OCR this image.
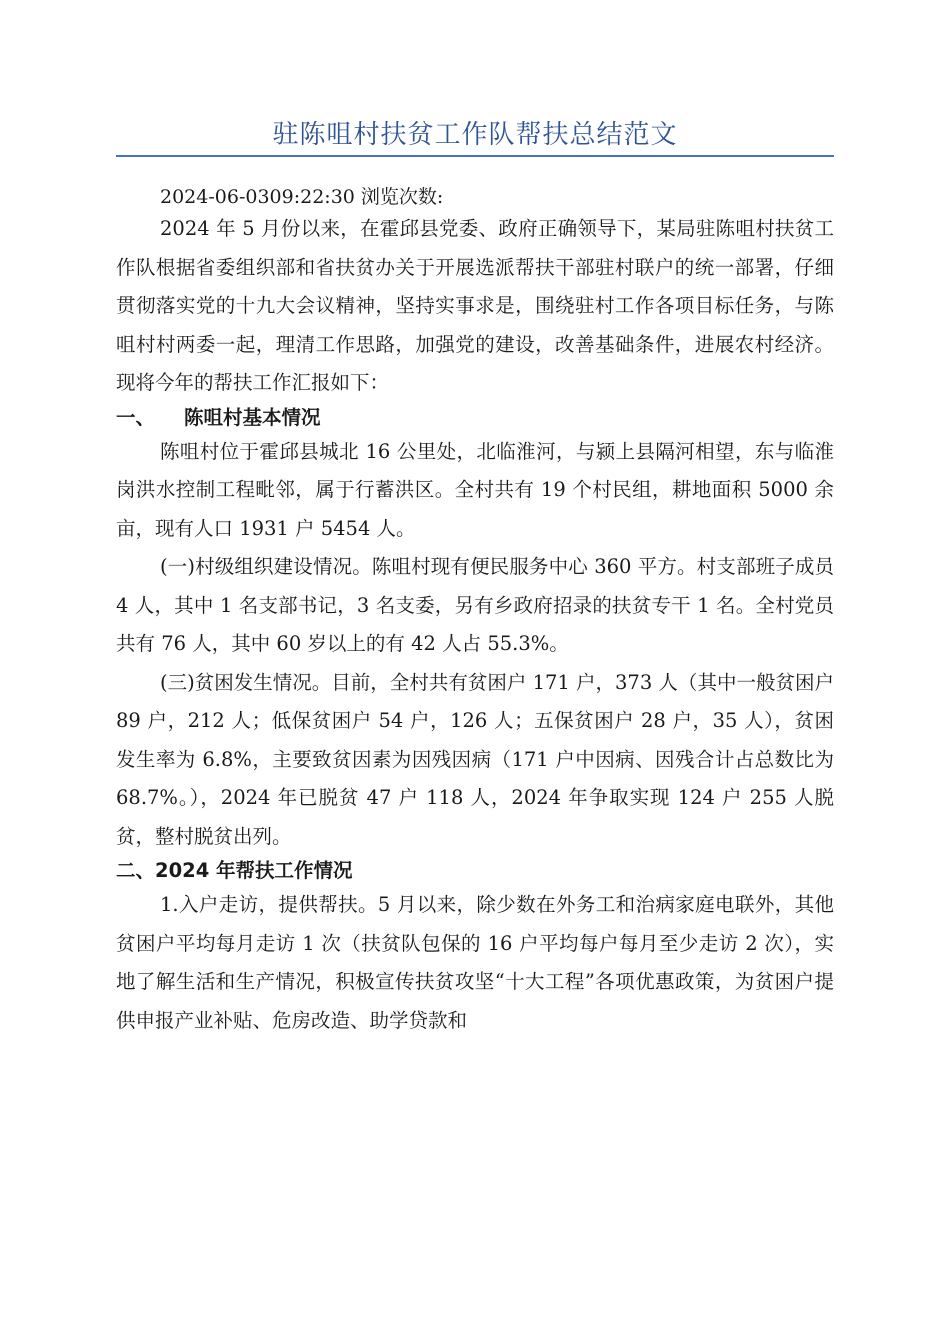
驻陈咀村扶贫工作队帮扶总结范文
2024-06-0309:22:30 浏览次数:

2024 年 5 月份以来，在霍邱县党委、政府正确领导下，某局驻陈咀村扶贫工作队根据省委组织部和省扶贫办关于开展选派帮扶干部驻村联户的统一部署，仔细贯彻落实党的十九大会议精神，坚持实事求是，围绕驻村工作各项目标任务，与陈咀村村两委一起，理清工作思路，加强党的建设，改善基础条件，进展农村经济。现将今年的帮扶工作汇报如下：

一、 陈咀村基本情况

陈咀村位于霍邱县城北 16 公里处，北临淮河，与颍上县隔河相望，东与临淮岗洪水控制工程毗邻，属于行蓄洪区。全村共有 19 个村民组，耕地面积 5000 余亩，现有人口 1931 户 5454 人。

(一)村级组织建设情况。陈咀村现有便民服务中心 360 平方。村支部班子成员 4 人，其中 1 名支部书记，3 名支委，另有乡政府招录的扶贫专干 1 名。全村党员共有 76 人，其中 60 岁以上的有 42 人占 55.3%。

(三)贫困发生情况。目前，全村共有贫困户 171 户，373 人（其中一般贫困户 89 户，212 人；低保贫困户 54 户，126 人；五保贫困户 28 户，35 人），贫困发生率为 6.8%，主要致贫因素为因残因病（171 户中因病、因残合计占总数比为 68.7%。），2024 年已脱贫 47 户 118 人，2024 年争取实现 124 户 255 人脱贫，整村脱贫出列。

二、2024 年帮扶工作情况

1.入户走访，提供帮扶。5 月以来，除少数在外务工和治病家庭电联外，其他贫困户平均每月走访 1 次（扶贫队包保的 16 户平均每户每月至少走访 2 次），实地了解生活和生产情况，积极宣传扶贫攻坚“十大工程”各项优惠政策，为贫困户提供申报产业补贴、危房改造、助学贷款和
